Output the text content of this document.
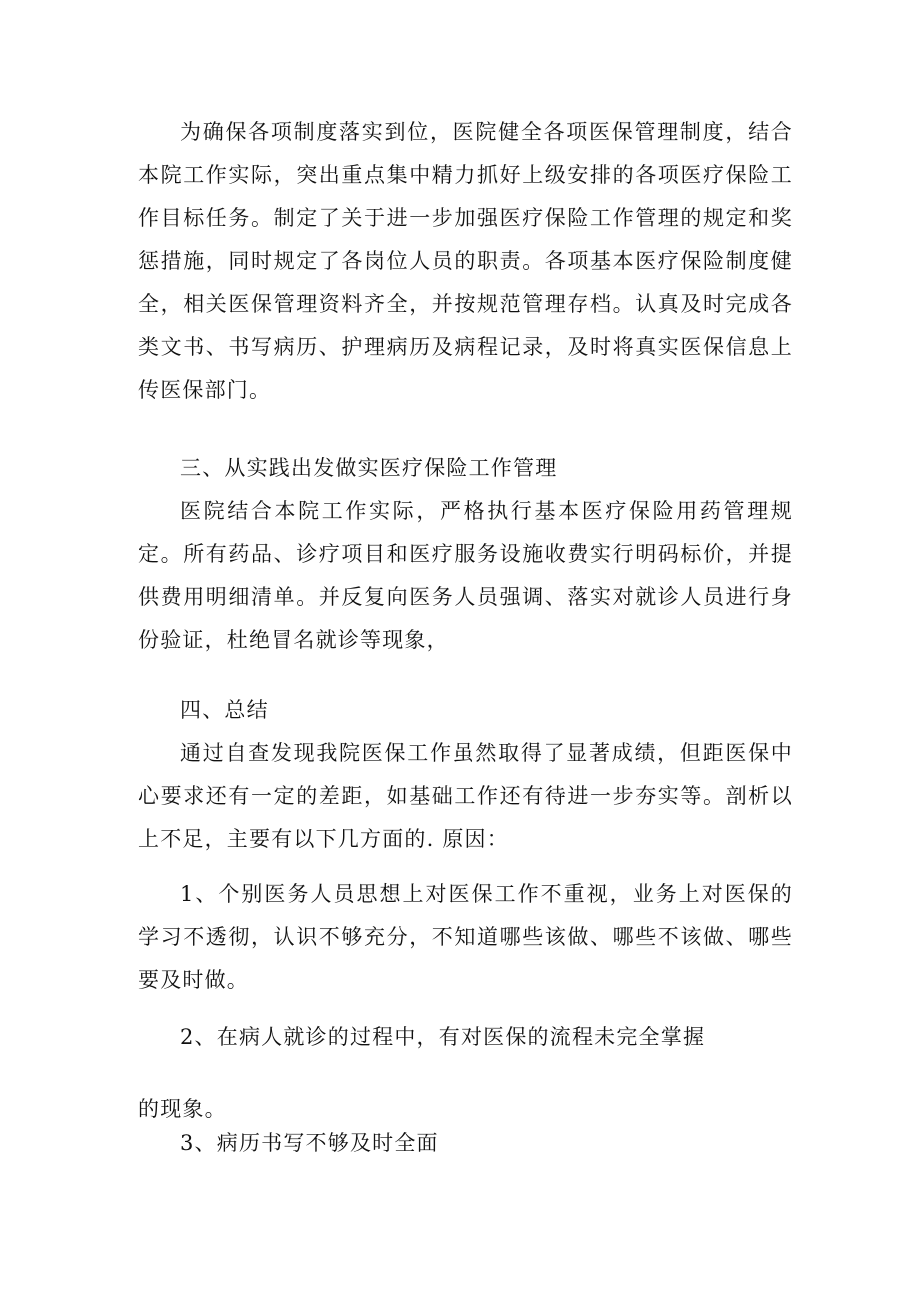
为确保各项制度落实到位，医院健全各项医保管理制度，结合本院工作实际，突出重点集中精力抓好上级安排的各项医疗保险工作目标任务。制定了关于进一步加强医疗保险工作管理的规定和奖惩措施，同时规定了各岗位人员的职责。各项基本医疗保险制度健全，相关医保管理资料齐全，并按规范管理存档。认真及时完成各类文书、书写病历、护理病历及病程记录，及时将真实医保信息上传医保部门。

三、从实践出发做实医疗保险工作管理

医院结合本院工作实际，严格执行基本医疗保险用药管理规定。所有药品、诊疗项目和医疗服务设施收费实行明码标价，并提供费用明细清单。并反复向医务人员强调、落实对就诊人员进行身份验证，杜绝冒名就诊等现象，

四、总结

通过自查发现我院医保工作虽然取得了显著成绩，但距医保中心要求还有一定的差距，如基础工作还有待进一步夯实等。剖析以上不足，主要有以下几方面的. 原因：

1、个别医务人员思想上对医保工作不重视，业务上对医保的学习不透彻，认识不够充分，不知道哪些该做、哪些不该做、哪些要及时做。

2、在病人就诊的过程中，有对医保的流程未完全掌握

的现象。

3、病历书写不够及时全面
